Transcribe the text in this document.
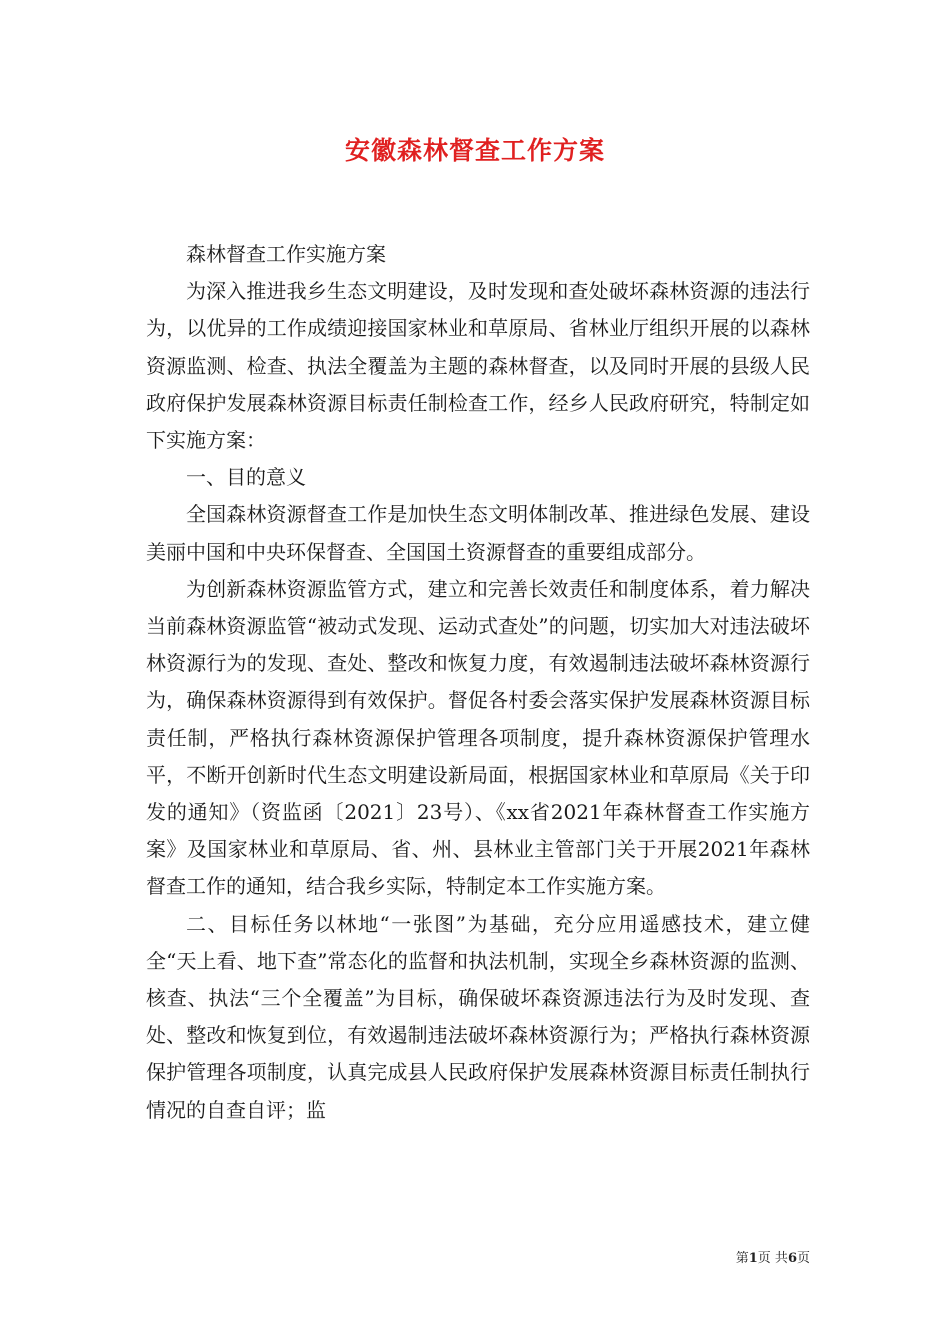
安徽森林督查工作方案

森林督查工作实施方案

为深入推进我乡生态文明建设，及时发现和查处破坏森林资源的违法行为，以优异的工作成绩迎接国家林业和草原局、省林业厅组织开展的以森林资源监测、检查、执法全覆盖为主题的森林督查，以及同时开展的县级人民政府保护发展森林资源目标责任制检查工作，经乡人民政府研究，特制定如下实施方案：

一、目的意义

全国森林资源督查工作是加快生态文明体制改革、推进绿色发展、建设美丽中国和中央环保督查、全国国土资源督查的重要组成部分。

为创新森林资源监管方式，建立和完善长效责任和制度体系，着力解决当前森林资源监管“被动式发现、运动式查处”的问题，切实加大对违法破坏林资源行为的发现、查处、整改和恢复力度，有效遏制违法破坏森林资源行为，确保森林资源得到有效保护。督促各村委会落实保护发展森林资源目标责任制，严格执行森林资源保护管理各项制度，提升森林资源保护管理水平，不断开创新时代生态文明建设新局面，根据国家林业和草原局《关于印发的通知》（资监函〔2021〕23号）、《xx省2021年森林督查工作实施方案》及国家林业和草原局、省、州、县林业主管部门关于开展2021年森林督查工作的通知，结合我乡实际，特制定本工作实施方案。

二、目标任务以林地“一张图”为基础，充分应用遥感技术，建立健全“天上看、地下查”常态化的监督和执法机制，实现全乡森林资源的监测、核查、执法“三个全覆盖”为目标，确保破坏森资源违法行为及时发现、查处、整改和恢复到位，有效遏制违法破坏森林资源行为；严格执行森林资源保护管理各项制度，认真完成县人民政府保护发展森林资源目标责任制执行情况的自查自评；监

第1页 共6页
